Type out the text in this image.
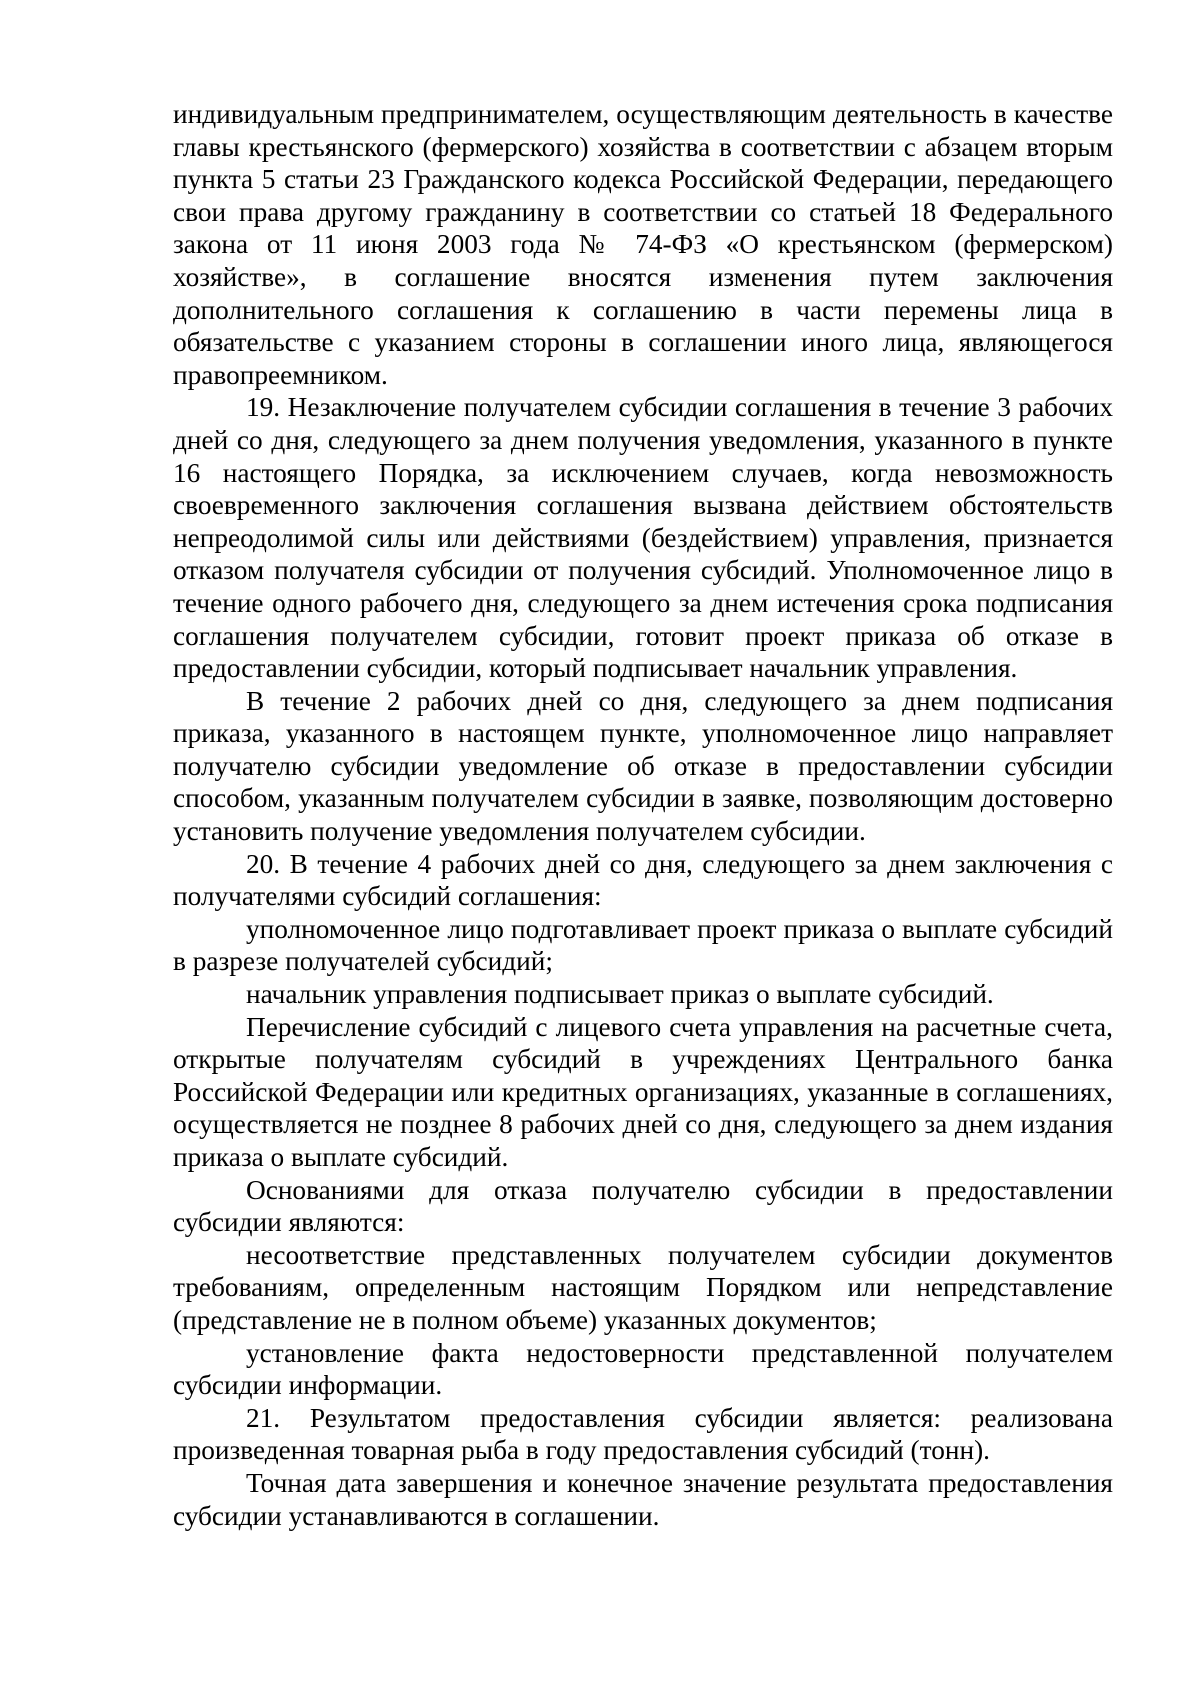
индивидуальным предпринимателем, осуществляющим деятельность в качестве главы крестьянского (фермерского) хозяйства в соответствии с абзацем вторым пункта 5 статьи 23 Гражданского кодекса Российской Федерации, передающего свои права другому гражданину в соответствии со статьей 18 Федерального закона от 11 июня 2003 года № 74-ФЗ «О крестьянском (фермерском) хозяйстве», в соглашение вносятся изменения путем заключения дополнительного соглашения к соглашению в части перемены лица в обязательстве с указанием стороны в соглашении иного лица, являющегося правопреемником.

19. Незаключение получателем субсидии соглашения в течение 3 рабочих дней со дня, следующего за днем получения уведомления, указанного в пункте 16 настоящего Порядка, за исключением случаев, когда невозможность своевременного заключения соглашения вызвана действием обстоятельств непреодолимой силы или действиями (бездействием) управления, признается отказом получателя субсидии от получения субсидий. Уполномоченное лицо в течение одного рабочего дня, следующего за днем истечения срока подписания соглашения получателем субсидии, готовит проект приказа об отказе в предоставлении субсидии, который подписывает начальник управления.

В течение 2 рабочих дней со дня, следующего за днем подписания приказа, указанного в настоящем пункте, уполномоченное лицо направляет получателю субсидии уведомление об отказе в предоставлении субсидии способом, указанным получателем субсидии в заявке, позволяющим достоверно установить получение уведомления получателем субсидии.

20. В течение 4 рабочих дней со дня, следующего за днем заключения с получателями субсидий соглашения:

уполномоченное лицо подготавливает проект приказа о выплате субсидий в разрезе получателей субсидий;

начальник управления подписывает приказ о выплате субсидий.

Перечисление субсидий с лицевого счета управления на расчетные счета, открытые получателям субсидий в учреждениях Центрального банка Российской Федерации или кредитных организациях, указанные в соглашениях, осуществляется не позднее 8 рабочих дней со дня, следующего за днем издания приказа о выплате субсидий.

Основаниями для отказа получателю субсидии в предоставлении субсидии являются:

несоответствие представленных получателем субсидии документов требованиям, определенным настоящим Порядком или непредставление (представление не в полном объеме) указанных документов;

установление факта недостоверности представленной получателем субсидии информации.

21. Результатом предоставления субсидии является: реализована произведенная товарная рыба в году предоставления субсидий (тонн).

Точная дата завершения и конечное значение результата предоставления субсидии устанавливаются в соглашении.
